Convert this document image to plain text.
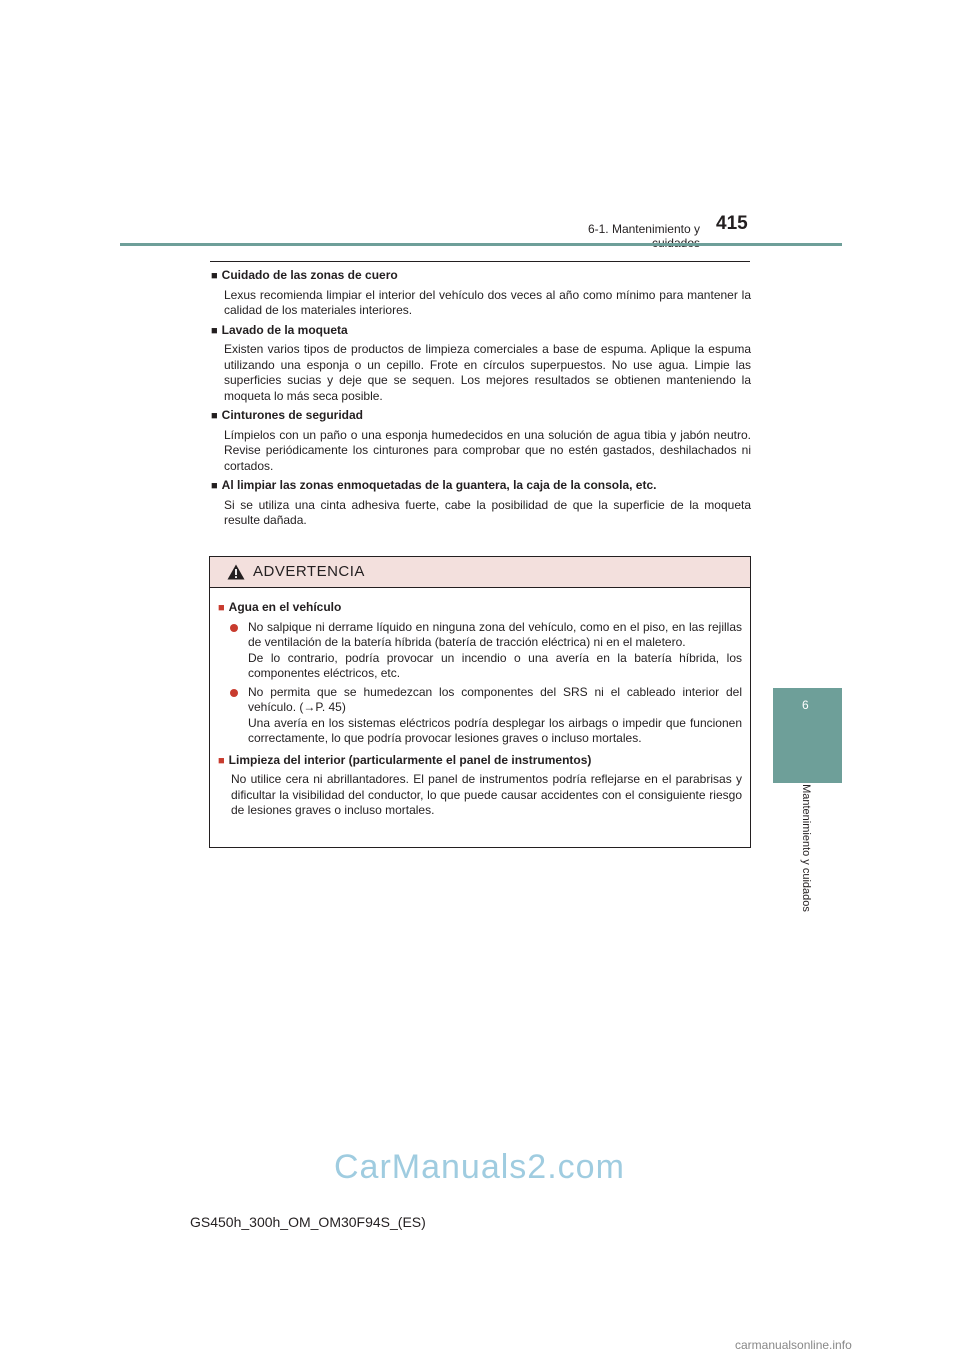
6-1. Mantenimiento y 415
6
Mantenimiento y cuidados
■ Cuidado de las zonas de cuero
Lexus recomienda limpiar el interior del vehículo dos veces al año como mínimo para mantener la calidad de los materiales interiores.
■ Lavado de la moqueta
Existen varios tipos de productos de limpieza comerciales a base de espuma. Aplique la espuma utilizando una esponja o un cepillo. Frote en círculos superpuestos. No use agua. Limpie las superficies sucias y deje que se sequen. Los mejores resultados se obtienen manteniendo la moqueta lo más seca posible.
■ Cinturones de seguridad
Límpielos con un paño o una esponja humedecidos en una solución de agua tibia y jabón neutro. Revise periódicamente los cinturones para comprobar que no estén gastados, deshilachados ni cortados.
■ Al limpiar las zonas enmoquetadas de la guantera, la caja de la consola, etc.
Si se utiliza una cinta adhesiva fuerte, cabe la posibilidad de que la superficie de la moqueta resulte dañada.
ADVERTENCIA
■ Agua en el vehículo
No salpique ni derrame líquido en ninguna zona del vehículo, como en el piso, en las rejillas de ventilación de la batería híbrida (batería de tracción eléctrica) ni en el maletero.
De lo contrario, podría provocar un incendio o una avería en la batería híbrida, los componentes eléctricos, etc.
No permita que se humedezcan los componentes del SRS ni el cableado interior del vehículo. (→P. 45)
Una avería en los sistemas eléctricos podría desplegar los airbags o impedir que funcionen correctamente, lo que podría provocar lesiones graves o incluso mortales.
■ Limpieza del interior (particularmente el panel de instrumentos)
No utilice cera ni abrillantadores. El panel de instrumentos podría reflejarse en el parabrisas y dificultar la visibilidad del conductor, lo que puede causar accidentes con el consiguiente riesgo de lesiones graves o incluso mortales.
CarManuals2.com
GS450h_300h_OM_OM30F94S_(ES)
carmanualsonline.info
